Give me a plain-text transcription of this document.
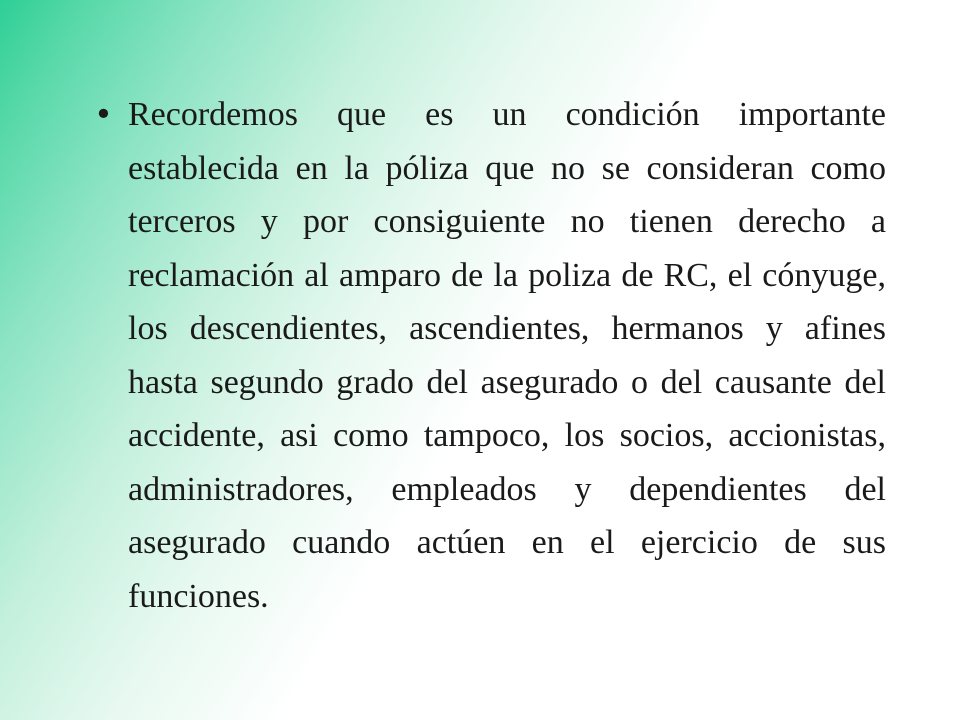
• Recordemos que es un condición importante establecida en la póliza que no se consideran como terceros y por consiguiente no tienen derecho a reclamación al amparo de la poliza de RC, el cónyuge, los descendientes, ascendientes, hermanos y afines hasta segundo grado del asegurado o del causante del accidente, asi como tampoco, los socios, accionistas, administradores, empleados y dependientes del asegurado cuando actúen en el ejercicio de sus funciones.
